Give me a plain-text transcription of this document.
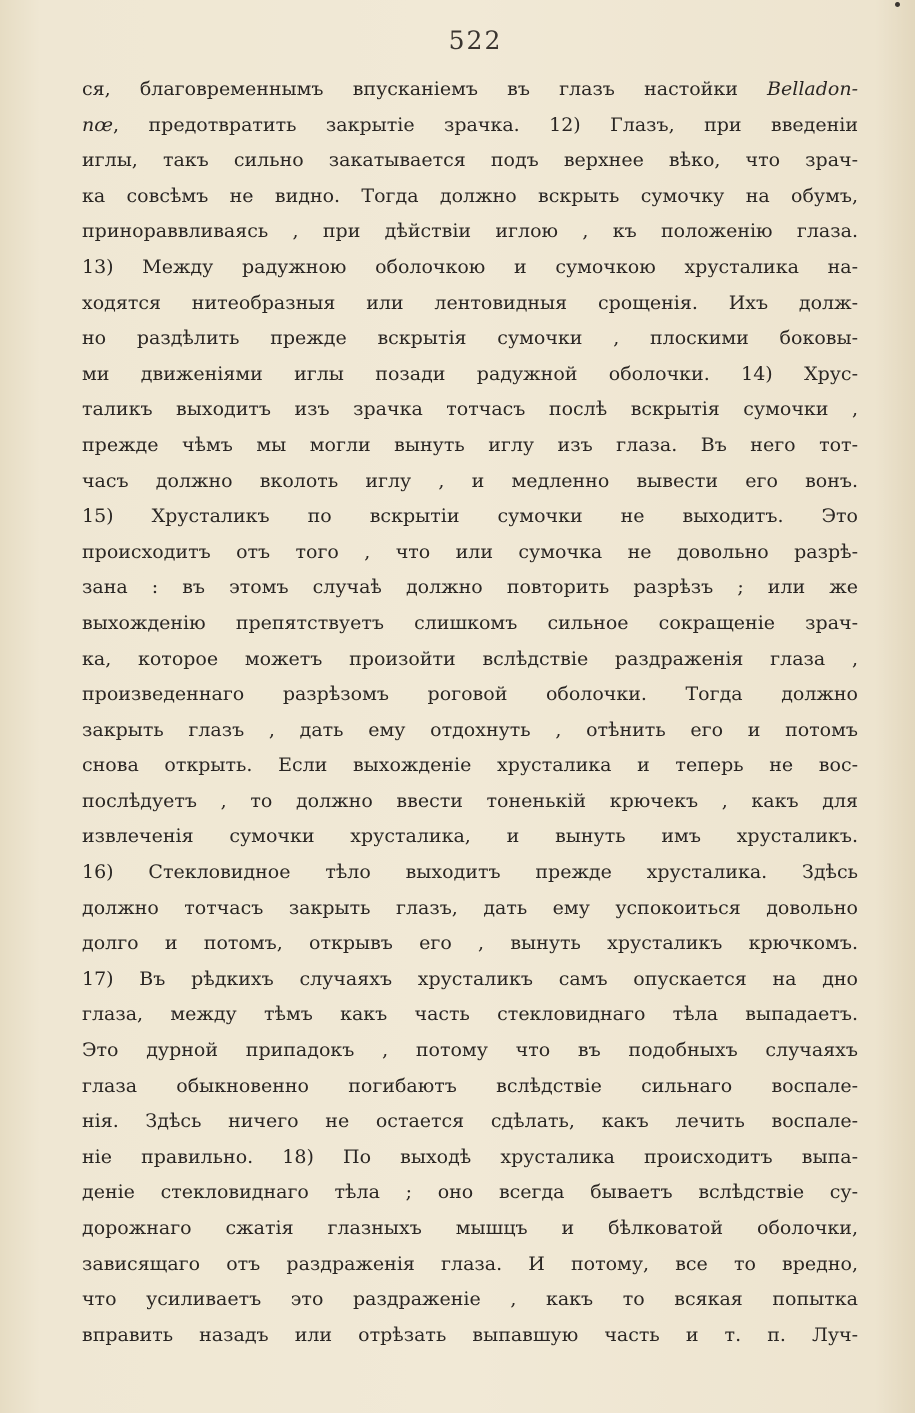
522
ся, благовременнымъ впусканіемъ въ глазъ настойки Belladon-
nœ, предотвратить закрытіе зрачка. 12) Глазъ, при введеніи
иглы, такъ сильно закатывается подъ верхнее вѣко, что зрач-
ка совсѣмъ не видно. Тогда должно вскрыть сумочку на обумъ,
принораввливаясь , при дѣйствіи иглою , къ положенію глаза.
13) Между радужною оболочкою и сумочкою хрусталика на-
ходятся нитеобразныя или лентовидныя срощенія. Ихъ долж-
но раздѣлить прежде вскрытія сумочки , плоскими боковы-
ми движеніями иглы позади радужной оболочки. 14) Хрус-
таликъ выходитъ изъ зрачка тотчасъ послѣ вскрытія сумочки ,
прежде чѣмъ мы могли вынуть иглу изъ глаза. Въ него тот-
часъ должно вколоть иглу , и медленно вывести его вонъ.
15) Хрусталикъ по вскрытіи сумочки не выходитъ. Это
происходитъ отъ того , что или сумочка не довольно разрѣ-
зана : въ этомъ случаѣ должно повторить разрѣзъ ; или же
выхожденію препятствуетъ слишкомъ сильное сокращеніе зрач-
ка, которое можетъ произойти вслѣдствіе раздраженія глаза ,
произведеннаго разрѣзомъ роговой оболочки. Тогда должно
закрыть глазъ , дать ему отдохнуть , отѣнить его и потомъ
снова открыть. Если выхожденіе хрусталика и теперь не вос-
послѣдуетъ , то должно ввести тоненькій крючекъ , какъ для
извлеченія сумочки хрусталика, и вынуть имъ хрусталикъ.
16) Стекловидное тѣло выходитъ прежде хрусталика. Здѣсь
должно тотчасъ закрыть глазъ, дать ему успокоиться довольно
долго и потомъ, открывъ его , вынуть хрусталикъ крючкомъ.
17) Въ рѣдкихъ случаяхъ хрусталикъ самъ опускается на дно
глаза, между тѣмъ какъ часть стекловиднаго тѣла выпадаетъ.
Это дурной припадокъ , потому что въ подобныхъ случаяхъ
глаза обыкновенно погибаютъ вслѣдствіе сильнаго воспале-
нія. Здѣсь ничего не остается сдѣлать, какъ лечить воспале-
ніе правильно. 18) По выходѣ хрусталика происходитъ выпа-
деніе стекловиднаго тѣла ; оно всегда бываетъ вслѣдствіе су-
дорожнаго сжатія глазныхъ мышцъ и бѣлковатой оболочки,
зависящаго отъ раздраженія глаза. И потому, все то вредно,
что усиливаетъ это раздраженіе , какъ то всякая попытка
вправить назадъ или отрѣзать выпавшую часть и т. п. Луч-
